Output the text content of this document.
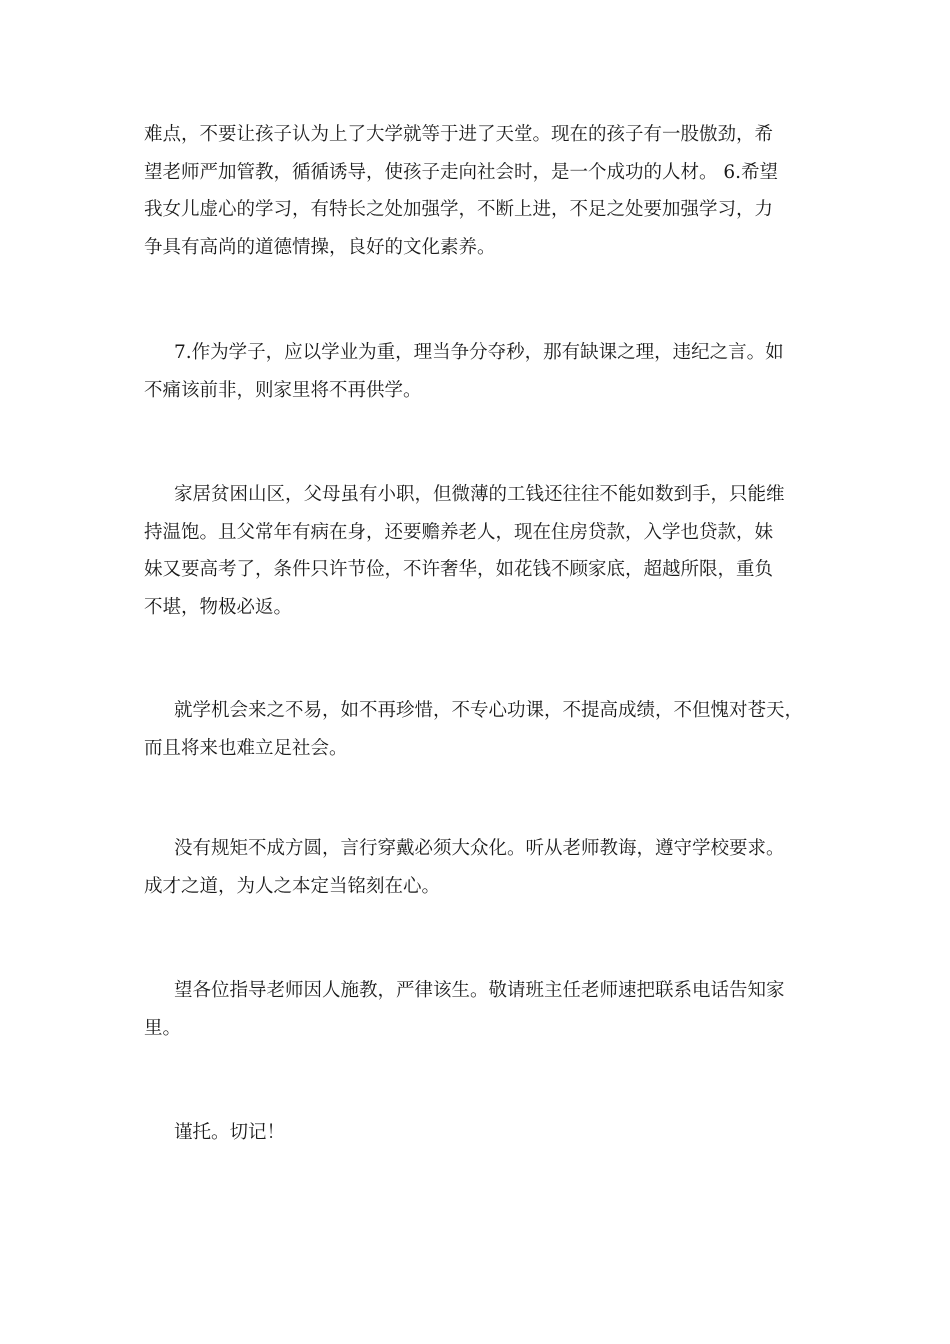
难点，不要让孩子认为上了大学就等于进了天堂。现在的孩子有一股傲劲，希
望老师严加管教，循循诱导，使孩子走向社会时，是一个成功的人材。 6.希望
我女儿虚心的学习，有特长之处加强学，不断上进，不足之处要加强学习，力
争具有高尚的道德情操，良好的文化素养。

7.作为学子，应以学业为重，理当争分夺秒，那有缺课之理，违纪之言。如
不痛该前非，则家里将不再供学。

家居贫困山区，父母虽有小职，但微薄的工钱还往往不能如数到手，只能维
持温饱。且父常年有病在身，还要赡养老人，现在住房贷款，入学也贷款，妹
妹又要高考了，条件只许节俭，不许奢华，如花钱不顾家底，超越所限，重负
不堪，物极必返。

就学机会来之不易，如不再珍惜，不专心功课，不提高成绩，不但愧对苍天，
而且将来也难立足社会。

没有规矩不成方圆，言行穿戴必须大众化。听从老师教诲，遵守学校要求。
成才之道，为人之本定当铭刻在心。

望各位指导老师因人施教，严律该生。敬请班主任老师速把联系电话告知家
里。

谨托。切记！
